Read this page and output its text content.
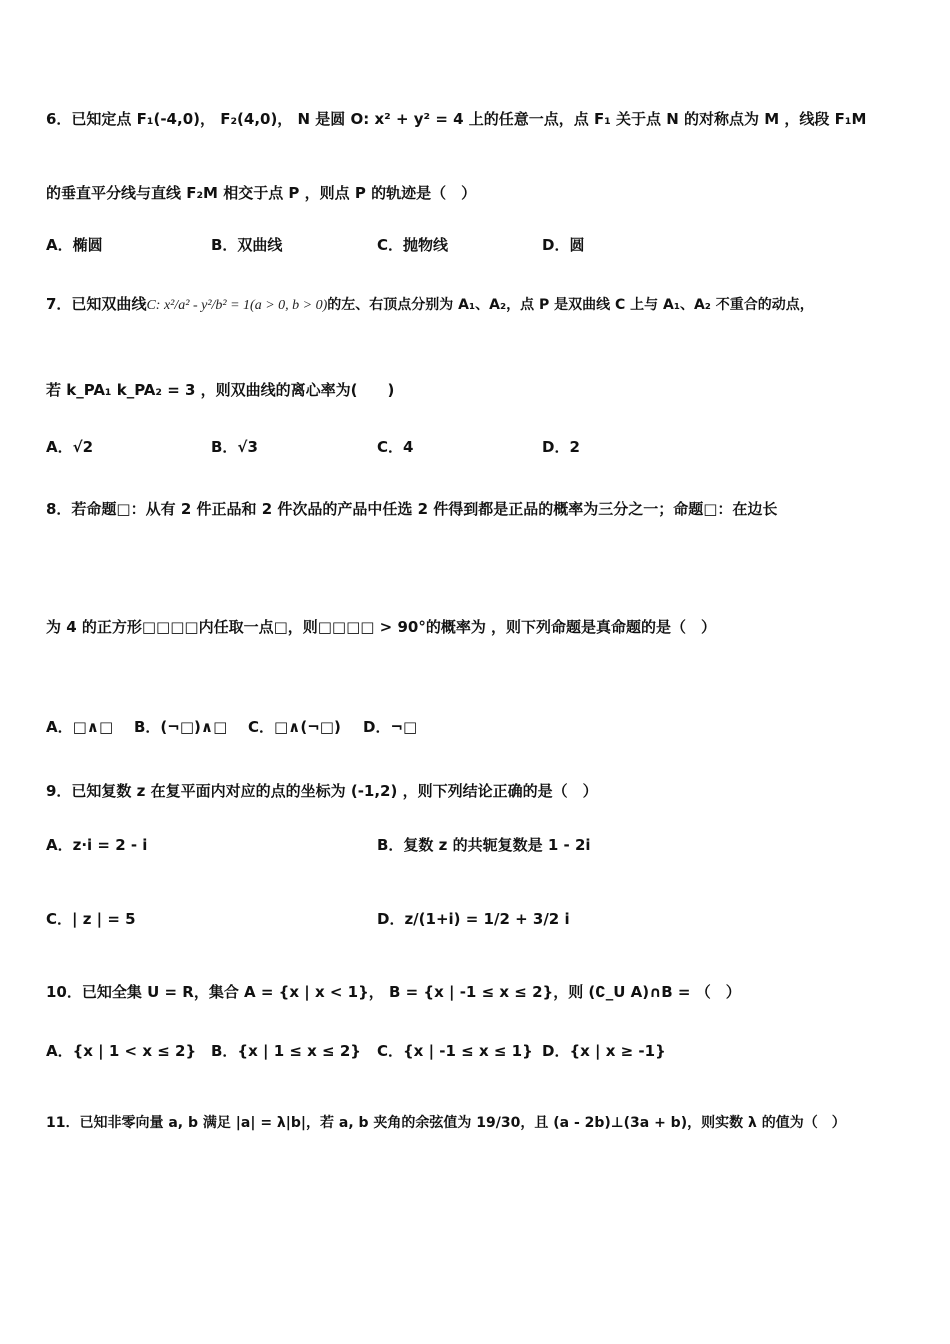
6．已知定点 F₁(-4,0)， F₂(4,0)， N 是圆 O: x² + y² = 4 上的任意一点，点 F₁ 关于点 N 的对称点为 M ，线段 F₁M
的垂直平分线与直线 F₂M 相交于点 P ，则点 P 的轨迹是（　）
A．椭圆	B．双曲线	C．抛物线	D．圆
7．已知双曲线C: x²/a² - y²/b² = 1(a > 0, b > 0)的左、右顶点分别为 A₁、A₂，点 P 是双曲线 C 上与 A₁、A₂ 不重合的动点，
若 k_PA₁ k_PA₂ = 3 ，则双曲线的离心率为(　　)
A．√2	B．√3	C．4	D．2
8．若命题□：从有 2 件正品和 2 件次品的产品中任选 2 件得到都是正品的概率为三分之一；命题□：在边长
为 4 的正方形□□□□内任取一点□，则□□□□ > 90°的概率为 ，则下列命题是真命题的是（　）
A．□∧□ B．(¬□)∧□ C．□∧(¬□) D．¬□
9．已知复数 z 在复平面内对应的点的坐标为 (-1,2) ，则下列结论正确的是（　）
A．z·i = 2 - i	B．复数 z 的共轭复数是 1 - 2i
C．| z | = 5	D．z/(1+i) = 1/2 + 3/2 i
10．已知全集 U = R，集合 A = {x | x < 1}， B = {x | -1 ≤ x ≤ 2}，则 (∁_U A)∩B = （　）
A．{x | 1 < x ≤ 2} B．{x | 1 ≤ x ≤ 2} C．{x | -1 ≤ x ≤ 1} D．{x | x ≥ -1}
11．已知非零向量 a, b 满足 |a| = λ|b|，若 a, b 夹角的余弦值为 19/30，且 (a - 2b)⊥(3a + b)，则实数 λ 的值为（　）
